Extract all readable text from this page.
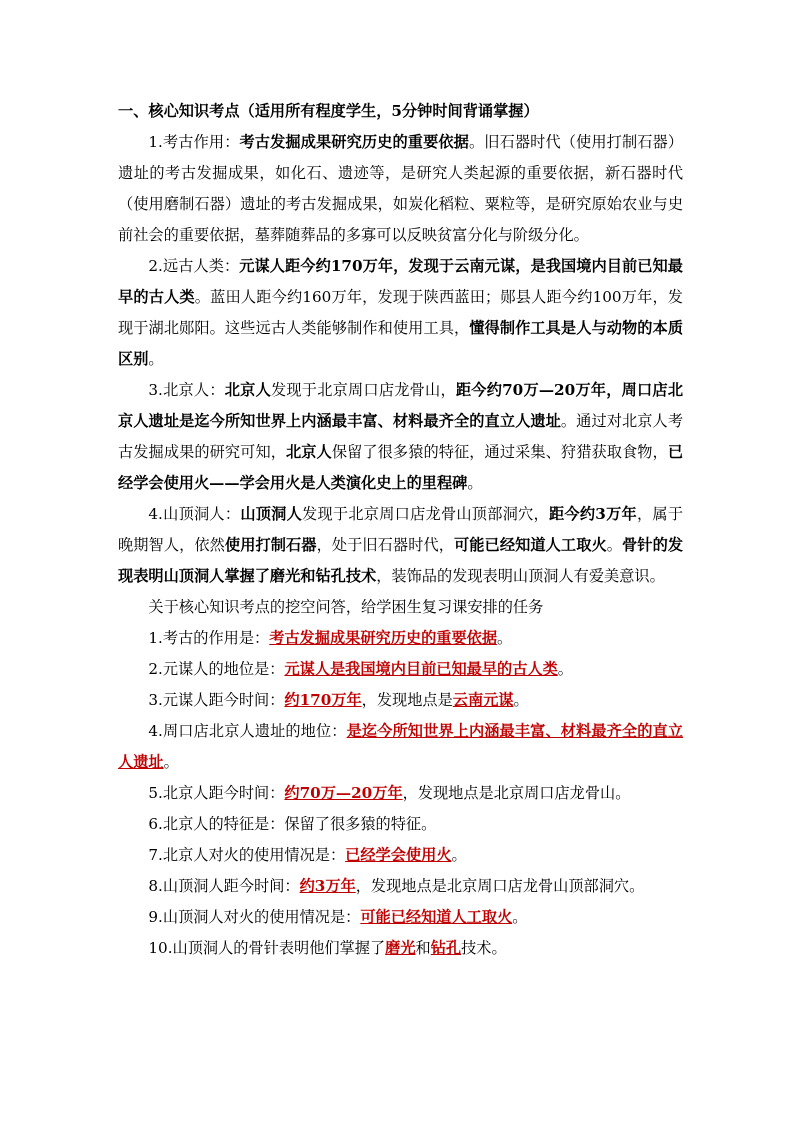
一、核心知识考点（适用所有程度学生，5分钟时间背诵掌握）

1.考古作用：考古发掘成果研究历史的重要依据。旧石器时代（使用打制石器）遗址的考古发掘成果，如化石、遗迹等，是研究人类起源的重要依据，新石器时代（使用磨制石器）遗址的考古发掘成果，如炭化稻粒、粟粒等，是研究原始农业与史前社会的重要依据，墓葬随葬品的多寡可以反映贫富分化与阶级分化。

2.远古人类：元谋人距今约170万年，发现于云南元谋，是我国境内目前已知最早的古人类。蓝田人距今约160万年，发现于陕西蓝田；郧县人距今约100万年，发现于湖北郧阳。这些远古人类能够制作和使用工具，懂得制作工具是人与动物的本质区别。

3.北京人：北京人发现于北京周口店龙骨山，距今约70万—20万年，周口店北京人遗址是迄今所知世界上内涵最丰富、材料最齐全的直立人遗址。通过对北京人考古发掘成果的研究可知，北京人保留了很多猿的特征，通过采集、狩猎获取食物，已经学会使用火——学会用火是人类演化史上的里程碑。

4.山顶洞人：山顶洞人发现于北京周口店龙骨山顶部洞穴，距今约3万年，属于晚期智人，依然使用打制石器，处于旧石器时代，可能已经知道人工取火。骨针的发现表明山顶洞人掌握了磨光和钻孔技术，装饰品的发现表明山顶洞人有爱美意识。

关于核心知识考点的挖空问答，给学困生复习课安排的任务

1.考古的作用是：考古发掘成果研究历史的重要依据。

2.元谋人的地位是：元谋人是我国境内目前已知最早的古人类。

3.元谋人距今时间：约170万年，发现地点是云南元谋。

4.周口店北京人遗址的地位：是迄今所知世界上内涵最丰富、材料最齐全的直立人遗址。

5.北京人距今时间：约70万—20万年，发现地点是北京周口店龙骨山。

6.北京人的特征是：保留了很多猿的特征。

7.北京人对火的使用情况是：已经学会使用火。

8.山顶洞人距今时间：约3万年，发现地点是北京周口店龙骨山顶部洞穴。

9.山顶洞人对火的使用情况是：可能已经知道人工取火。

10.山顶洞人的骨针表明他们掌握了磨光和钻孔技术。
